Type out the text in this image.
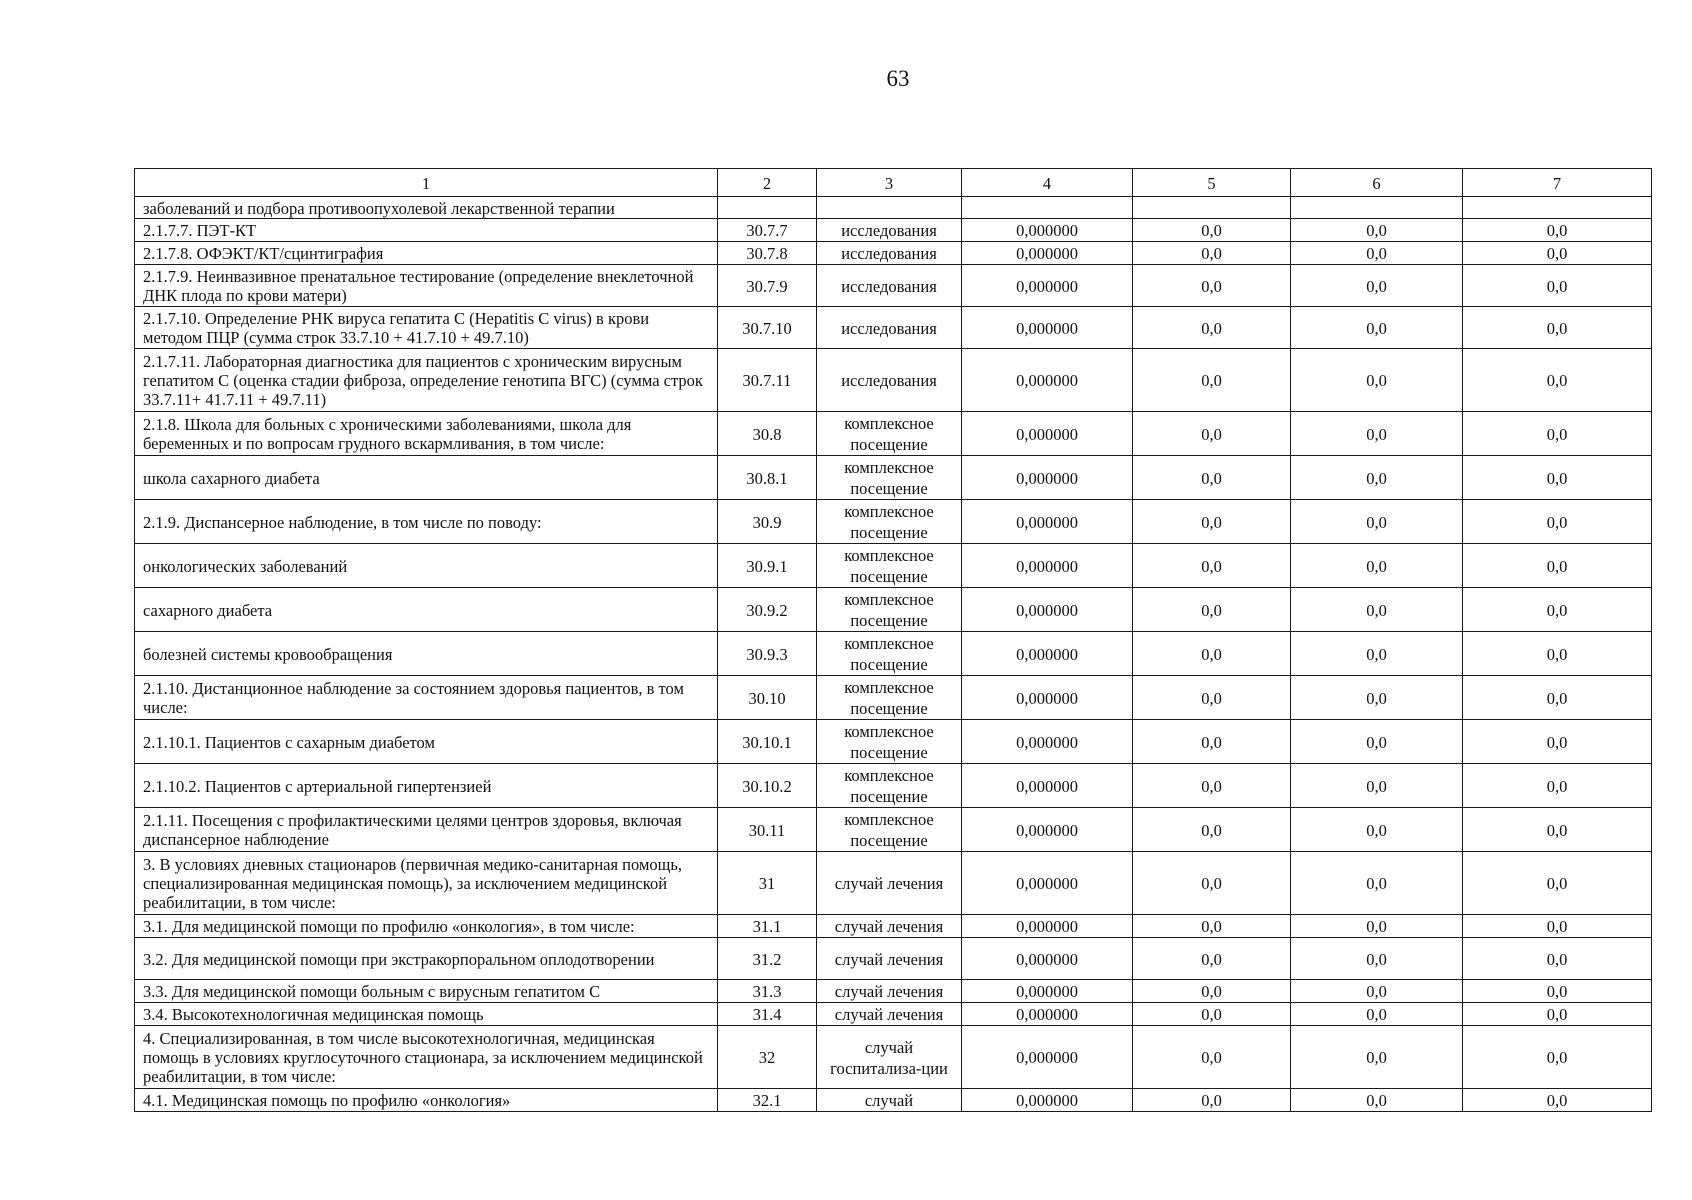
63
1	2	3	4	5	6	7
заболеваний и подбора противоопухолевой лекарственной терапии						
2.1.7.7. ПЭТ-КТ	30.7.7	исследования	0,000000	0,0	0,0	0,0
2.1.7.8. ОФЭКТ/КТ/сцинтиграфия	30.7.8	исследования	0,000000	0,0	0,0	0,0
2.1.7.9. Неинвазивное пренатальное тестирование (определение внеклеточной ДНК плода по крови матери)	30.7.9	исследования	0,000000	0,0	0,0	0,0
2.1.7.10. Определение РНК вируса гепатита С (Hepatitis С virus) в крови методом ПЦР (сумма строк 33.7.10 + 41.7.10 + 49.7.10)	30.7.10	исследования	0,000000	0,0	0,0	0,0
2.1.7.11. Лабораторная диагностика для пациентов с хроническим вирусным гепатитом С (оценка стадии фиброза, определение генотипа ВГС) (сумма строк 33.7.11+ 41.7.11 + 49.7.11)	30.7.11	исследования	0,000000	0,0	0,0	0,0
2.1.8. Школа для больных с хроническими заболеваниями, школа для беременных и по вопросам грудного вскармливания, в том числе:	30.8	комплексное посещение	0,000000	0,0	0,0	0,0
школа сахарного диабета	30.8.1	комплексное посещение	0,000000	0,0	0,0	0,0
2.1.9. Диспансерное наблюдение, в том числе по поводу:	30.9	комплексное посещение	0,000000	0,0	0,0	0,0
онкологических заболеваний	30.9.1	комплексное посещение	0,000000	0,0	0,0	0,0
сахарного диабета	30.9.2	комплексное посещение	0,000000	0,0	0,0	0,0
болезней системы кровообращения	30.9.3	комплексное посещение	0,000000	0,0	0,0	0,0
2.1.10. Дистанционное наблюдение за состоянием здоровья пациентов, в том числе:	30.10	комплексное посещение	0,000000	0,0	0,0	0,0
2.1.10.1. Пациентов с сахарным диабетом	30.10.1	комплексное посещение	0,000000	0,0	0,0	0,0
2.1.10.2. Пациентов с артериальной гипертензией	30.10.2	комплексное посещение	0,000000	0,0	0,0	0,0
2.1.11. Посещения с профилактическими целями центров здоровья, включая диспансерное наблюдение	30.11	комплексное посещение	0,000000	0,0	0,0	0,0
3. В условиях дневных стационаров (первичная медико-санитарная помощь, специализированная медицинская помощь), за исключением медицинской реабилитации, в том числе:	31	случай лечения	0,000000	0,0	0,0	0,0
3.1. Для медицинской помощи по профилю «онкология», в том числе:	31.1	случай лечения	0,000000	0,0	0,0	0,0
3.2. Для медицинской помощи при экстракорпоральном оплодотворении	31.2	случай лечения	0,000000	0,0	0,0	0,0
3.3. Для медицинской помощи больным с вирусным гепатитом С	31.3	случай лечения	0,000000	0,0	0,0	0,0
3.4. Высокотехнологичная медицинская помощь	31.4	случай лечения	0,000000	0,0	0,0	0,0
4. Специализированная, в том числе высокотехнологичная, медицинская помощь в условиях круглосуточного стационара, за исключением медицинской реабилитации, в том числе:	32	случай госпитализа-ции	0,000000	0,0	0,0	0,0
4.1. Медицинская помощь по профилю «онкология»	32.1	случай	0,000000	0,0	0,0	0,0
